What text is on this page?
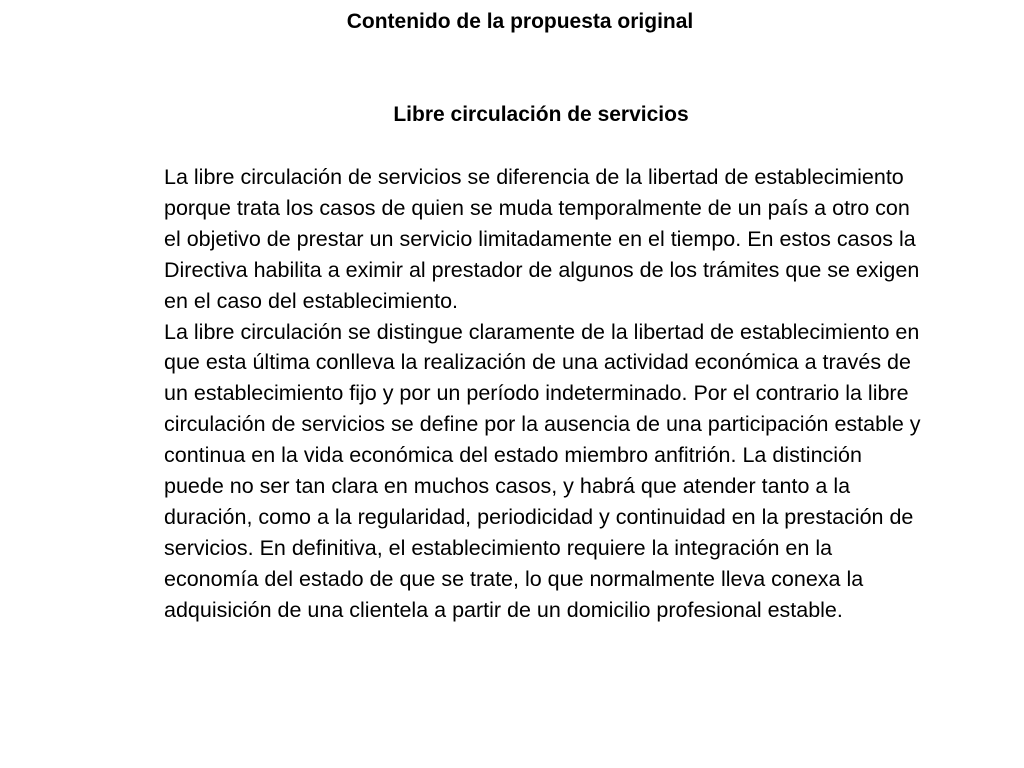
Contenido de la propuesta original
Libre circulación de servicios

La libre circulación de servicios se diferencia de la libertad de establecimiento porque trata los casos de quien se muda temporalmente de un país a otro con el objetivo de prestar un servicio limitadamente en el tiempo. En estos casos la Directiva habilita a eximir al prestador de algunos de los trámites que se exigen en el caso del establecimiento.

La libre circulación se distingue claramente de la libertad de establecimiento en que esta última conlleva la realización de una actividad económica a través de un establecimiento fijo y por un período indeterminado. Por el contrario la libre circulación de servicios se define por la ausencia de una participación estable y continua en la vida económica del estado miembro anfitrión. La distinción puede no ser tan clara en muchos casos, y habrá que atender tanto a la duración, como a la regularidad, periodicidad y continuidad en la prestación de servicios. En definitiva, el establecimiento requiere la integración en la economía del estado de que se trate, lo que normalmente lleva conexa la adquisición de una clientela a partir de un domicilio profesional estable.
